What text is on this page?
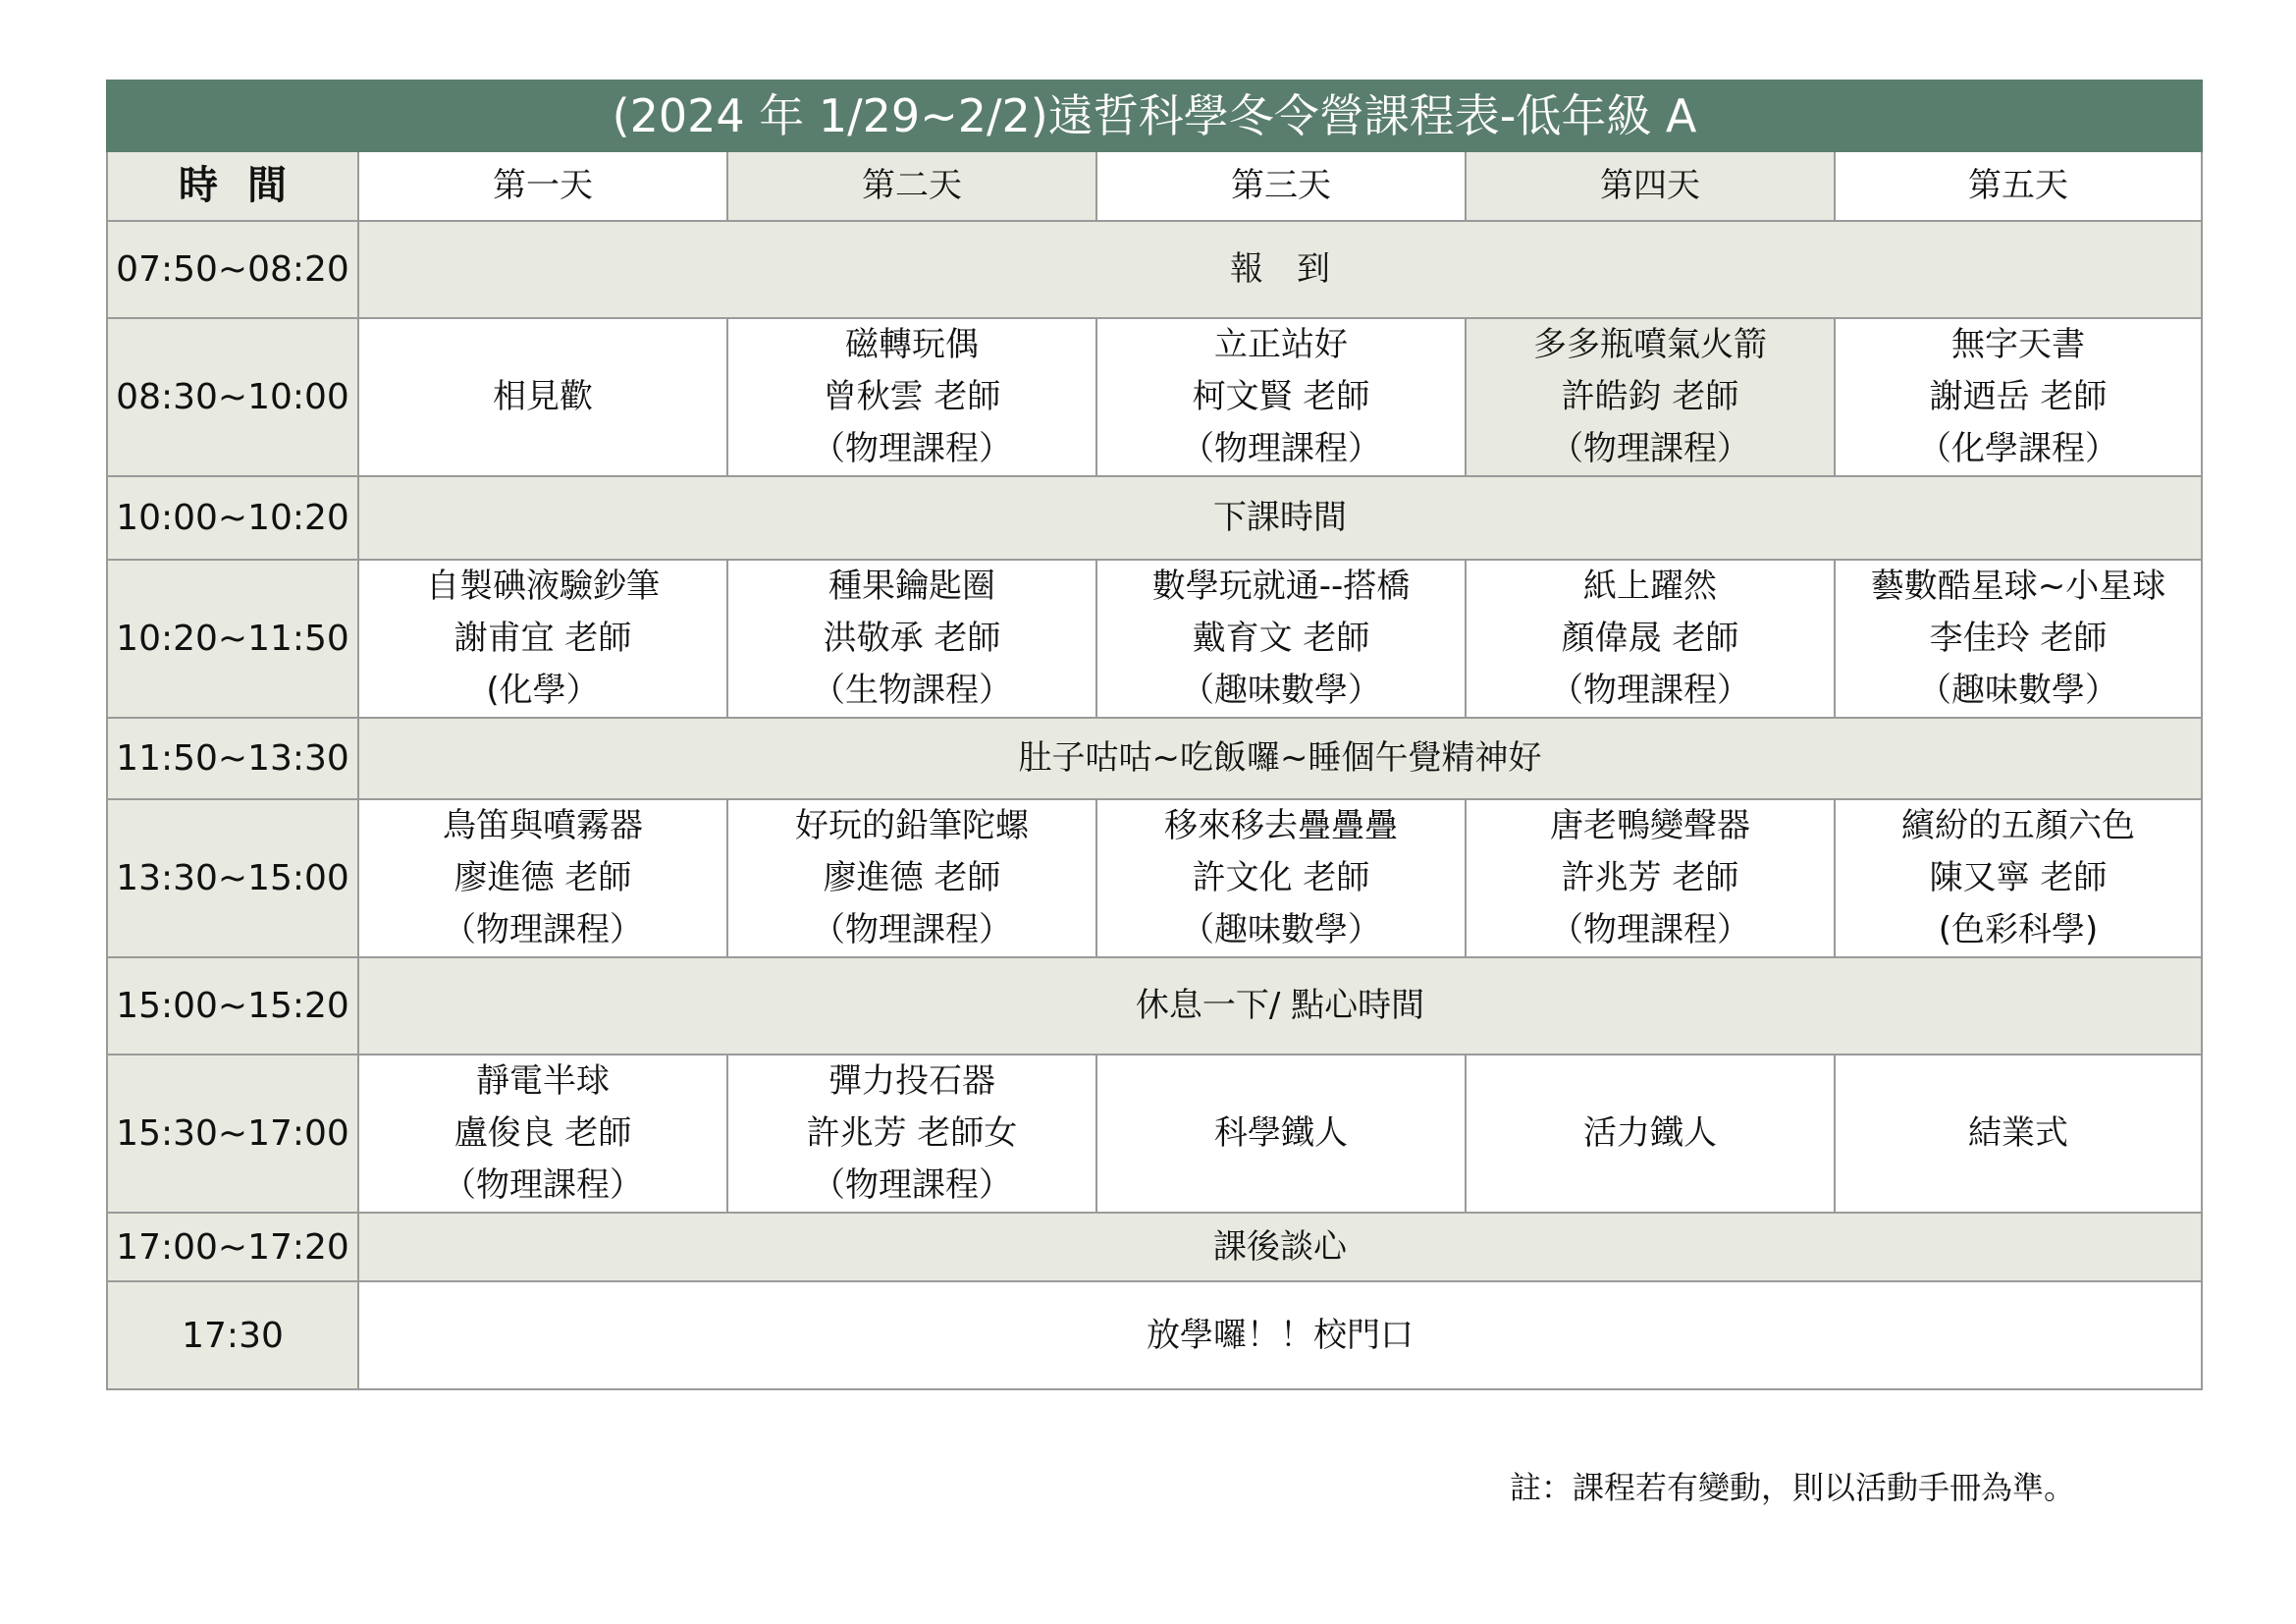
(2024 年 1/29~2/2)遠哲科學冬令營課程表-低年級 A					
時間	第一天	第二天	第三天	第四天	第五天
07:50~08:20	報　到				
08:30~10:00	相見歡	磁轉玩偶
曾秋雲 老師
（物理課程）	立正站好
柯文賢 老師
（物理課程）	多多瓶噴氣火箭
許皓鈞 老師
（物理課程）	無字天書
謝迺岳 老師
（化學課程）

10:00~10:20	下課時間				
10:20~11:50	自製碘液驗鈔筆
謝甫宜 老師
(化學）	種果鑰匙圈
洪敬承 老師
（生物課程）	數學玩就通--搭橋
戴育文 老師
（趣味數學）	紙上躍然
顏偉晟 老師
（物理課程）	藝數酷星球~小星球
李佳玲 老師
（趣味數學）

11:50~13:30	肚子咕咕~吃飯囉~睡個午覺精神好				
13:30~15:00	鳥笛與噴霧器
廖進德 老師
（物理課程）	好玩的鉛筆陀螺
廖進德 老師
（物理課程）	移來移去疊疊疊
許文化 老師
（趣味數學）	唐老鴨變聲器
許兆芳 老師
（物理課程）	繽紛的五顏六色
陳又寧 老師
(色彩科學)

15:00~15:20	休息一下/ 點心時間				
15:30~17:00	靜電半球
盧俊良 老師
（物理課程）	彈力投石器
許兆芳 老師女
（物理課程）	科學鐵人	活力鐵人	結業式

17:00~17:20	課後談心				
17:30	放學囉！！校門口				
註：課程若有變動，則以活動手冊為準。
